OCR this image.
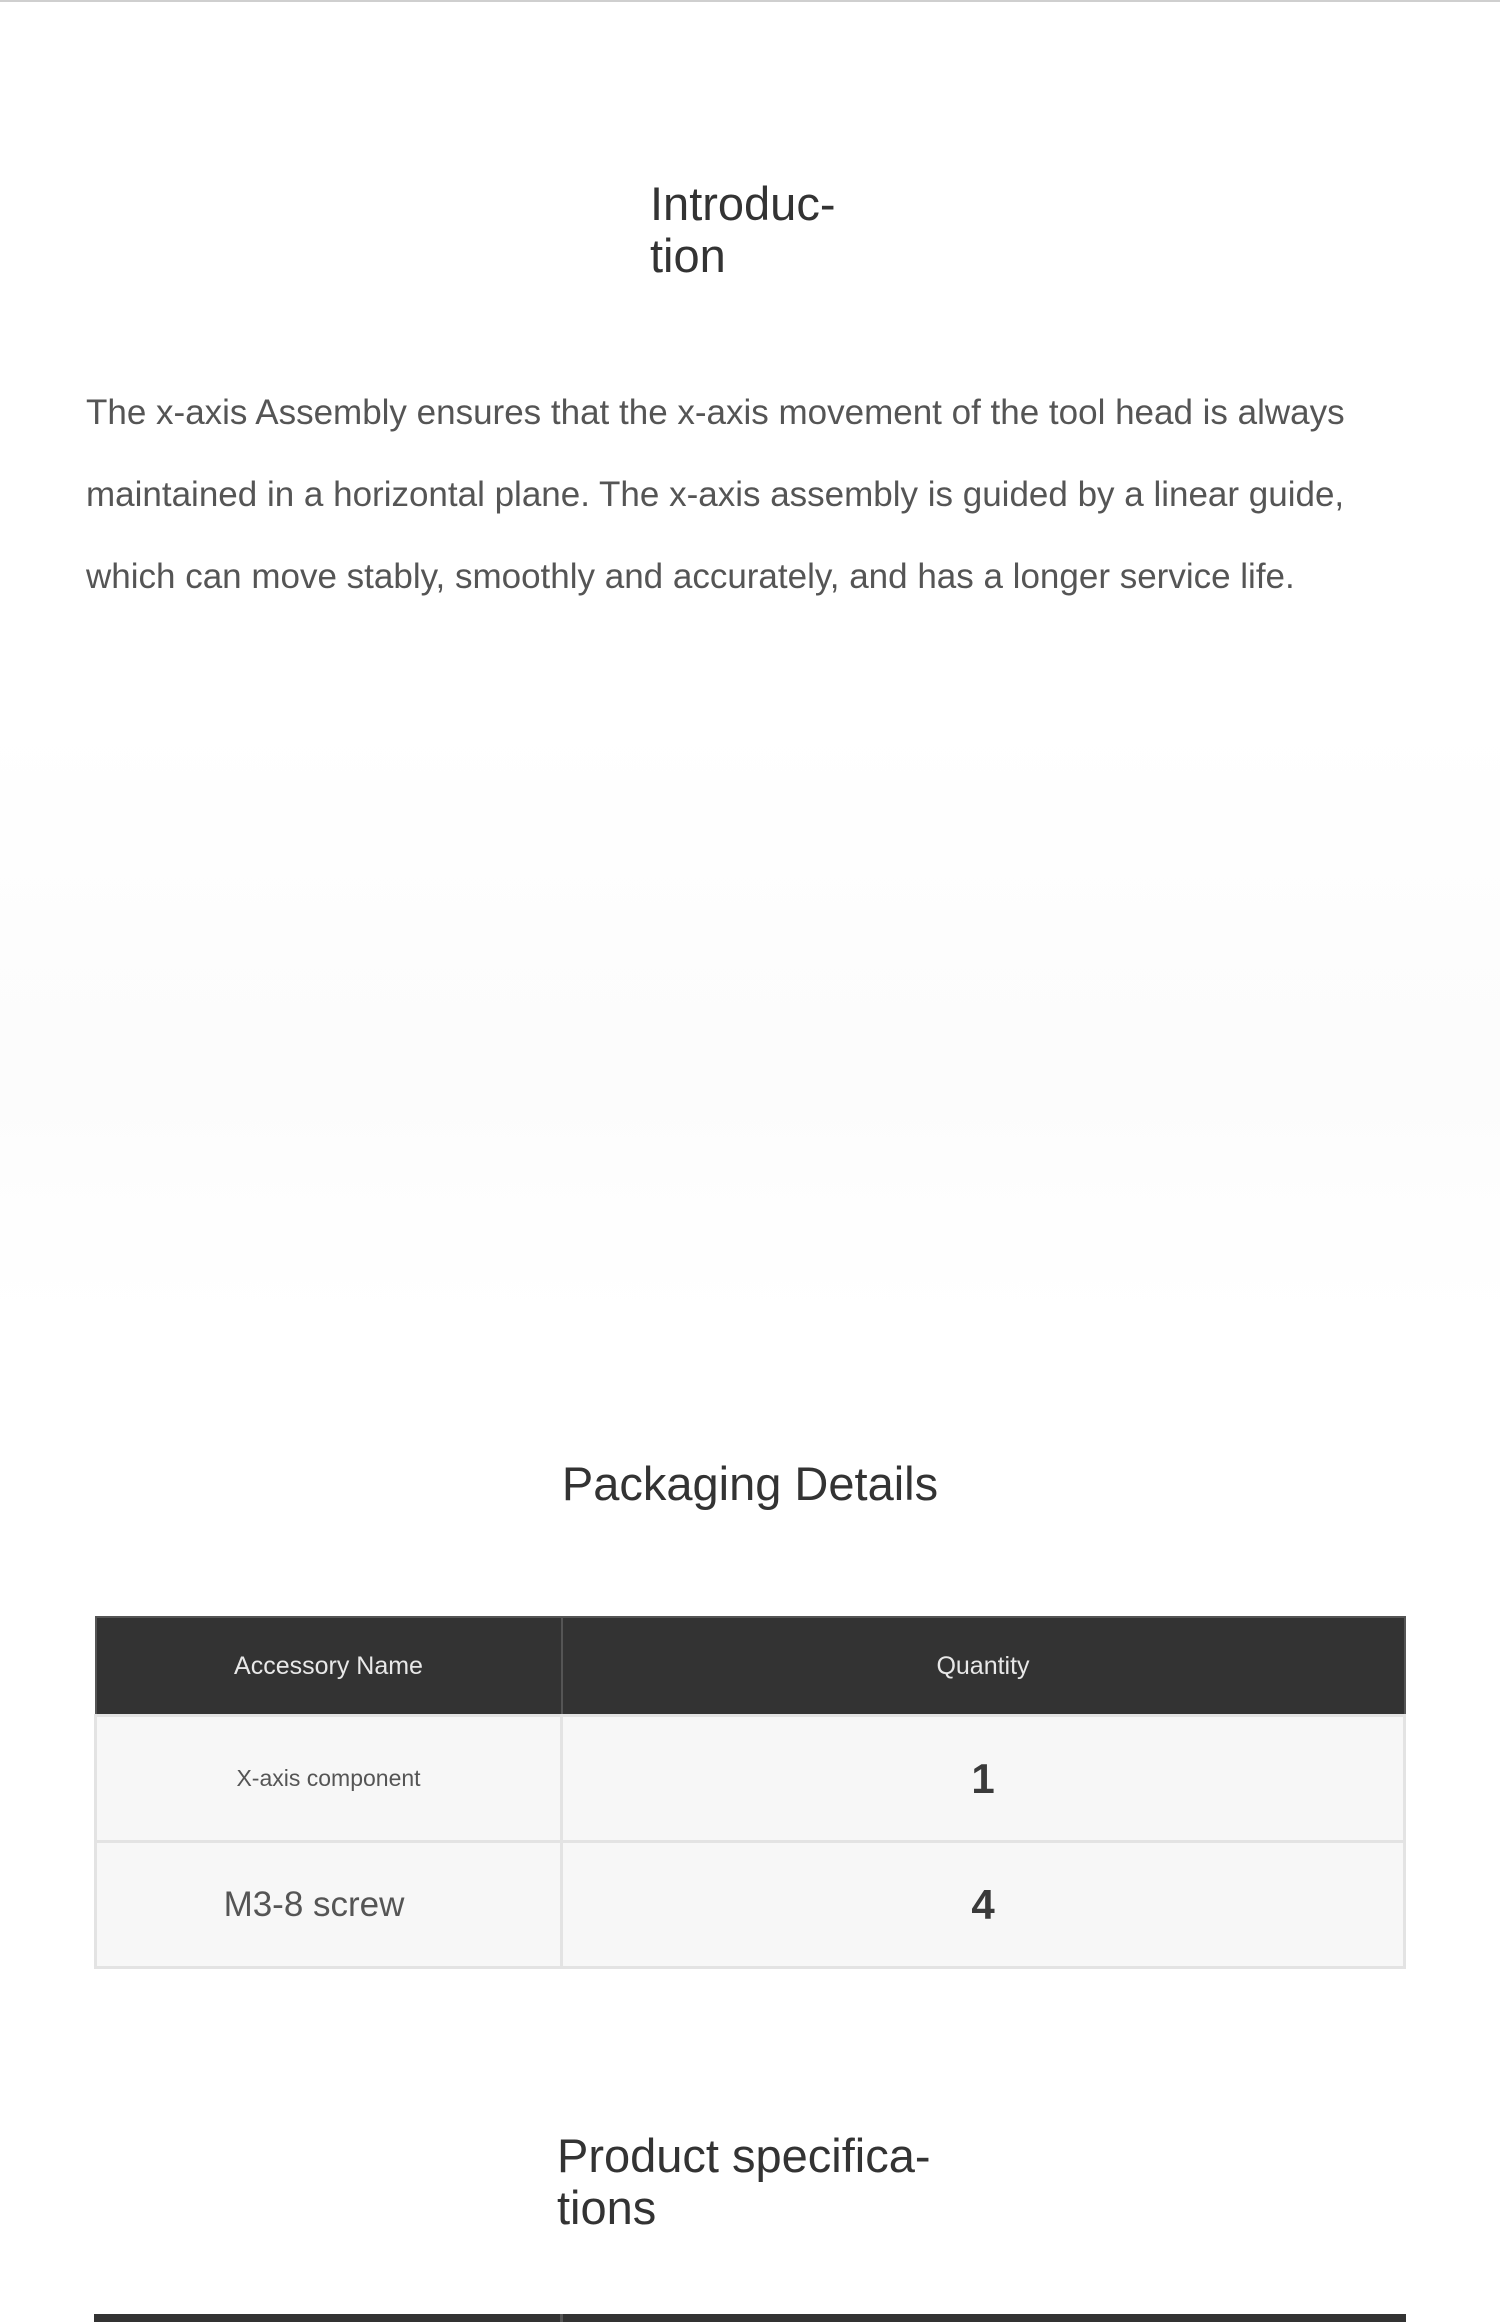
Introduc-
tion

The x-axis Assembly ensures that the x-axis movement of the tool head is always maintained in a horizontal plane. The x-axis assembly is guided by a linear guide, which can move stably, smoothly and accurately, and has a longer service life.

Packaging Details
Accessory Name	Quantity
X-axis component	1
M3-8 screw	4
Product specifica-
tions
